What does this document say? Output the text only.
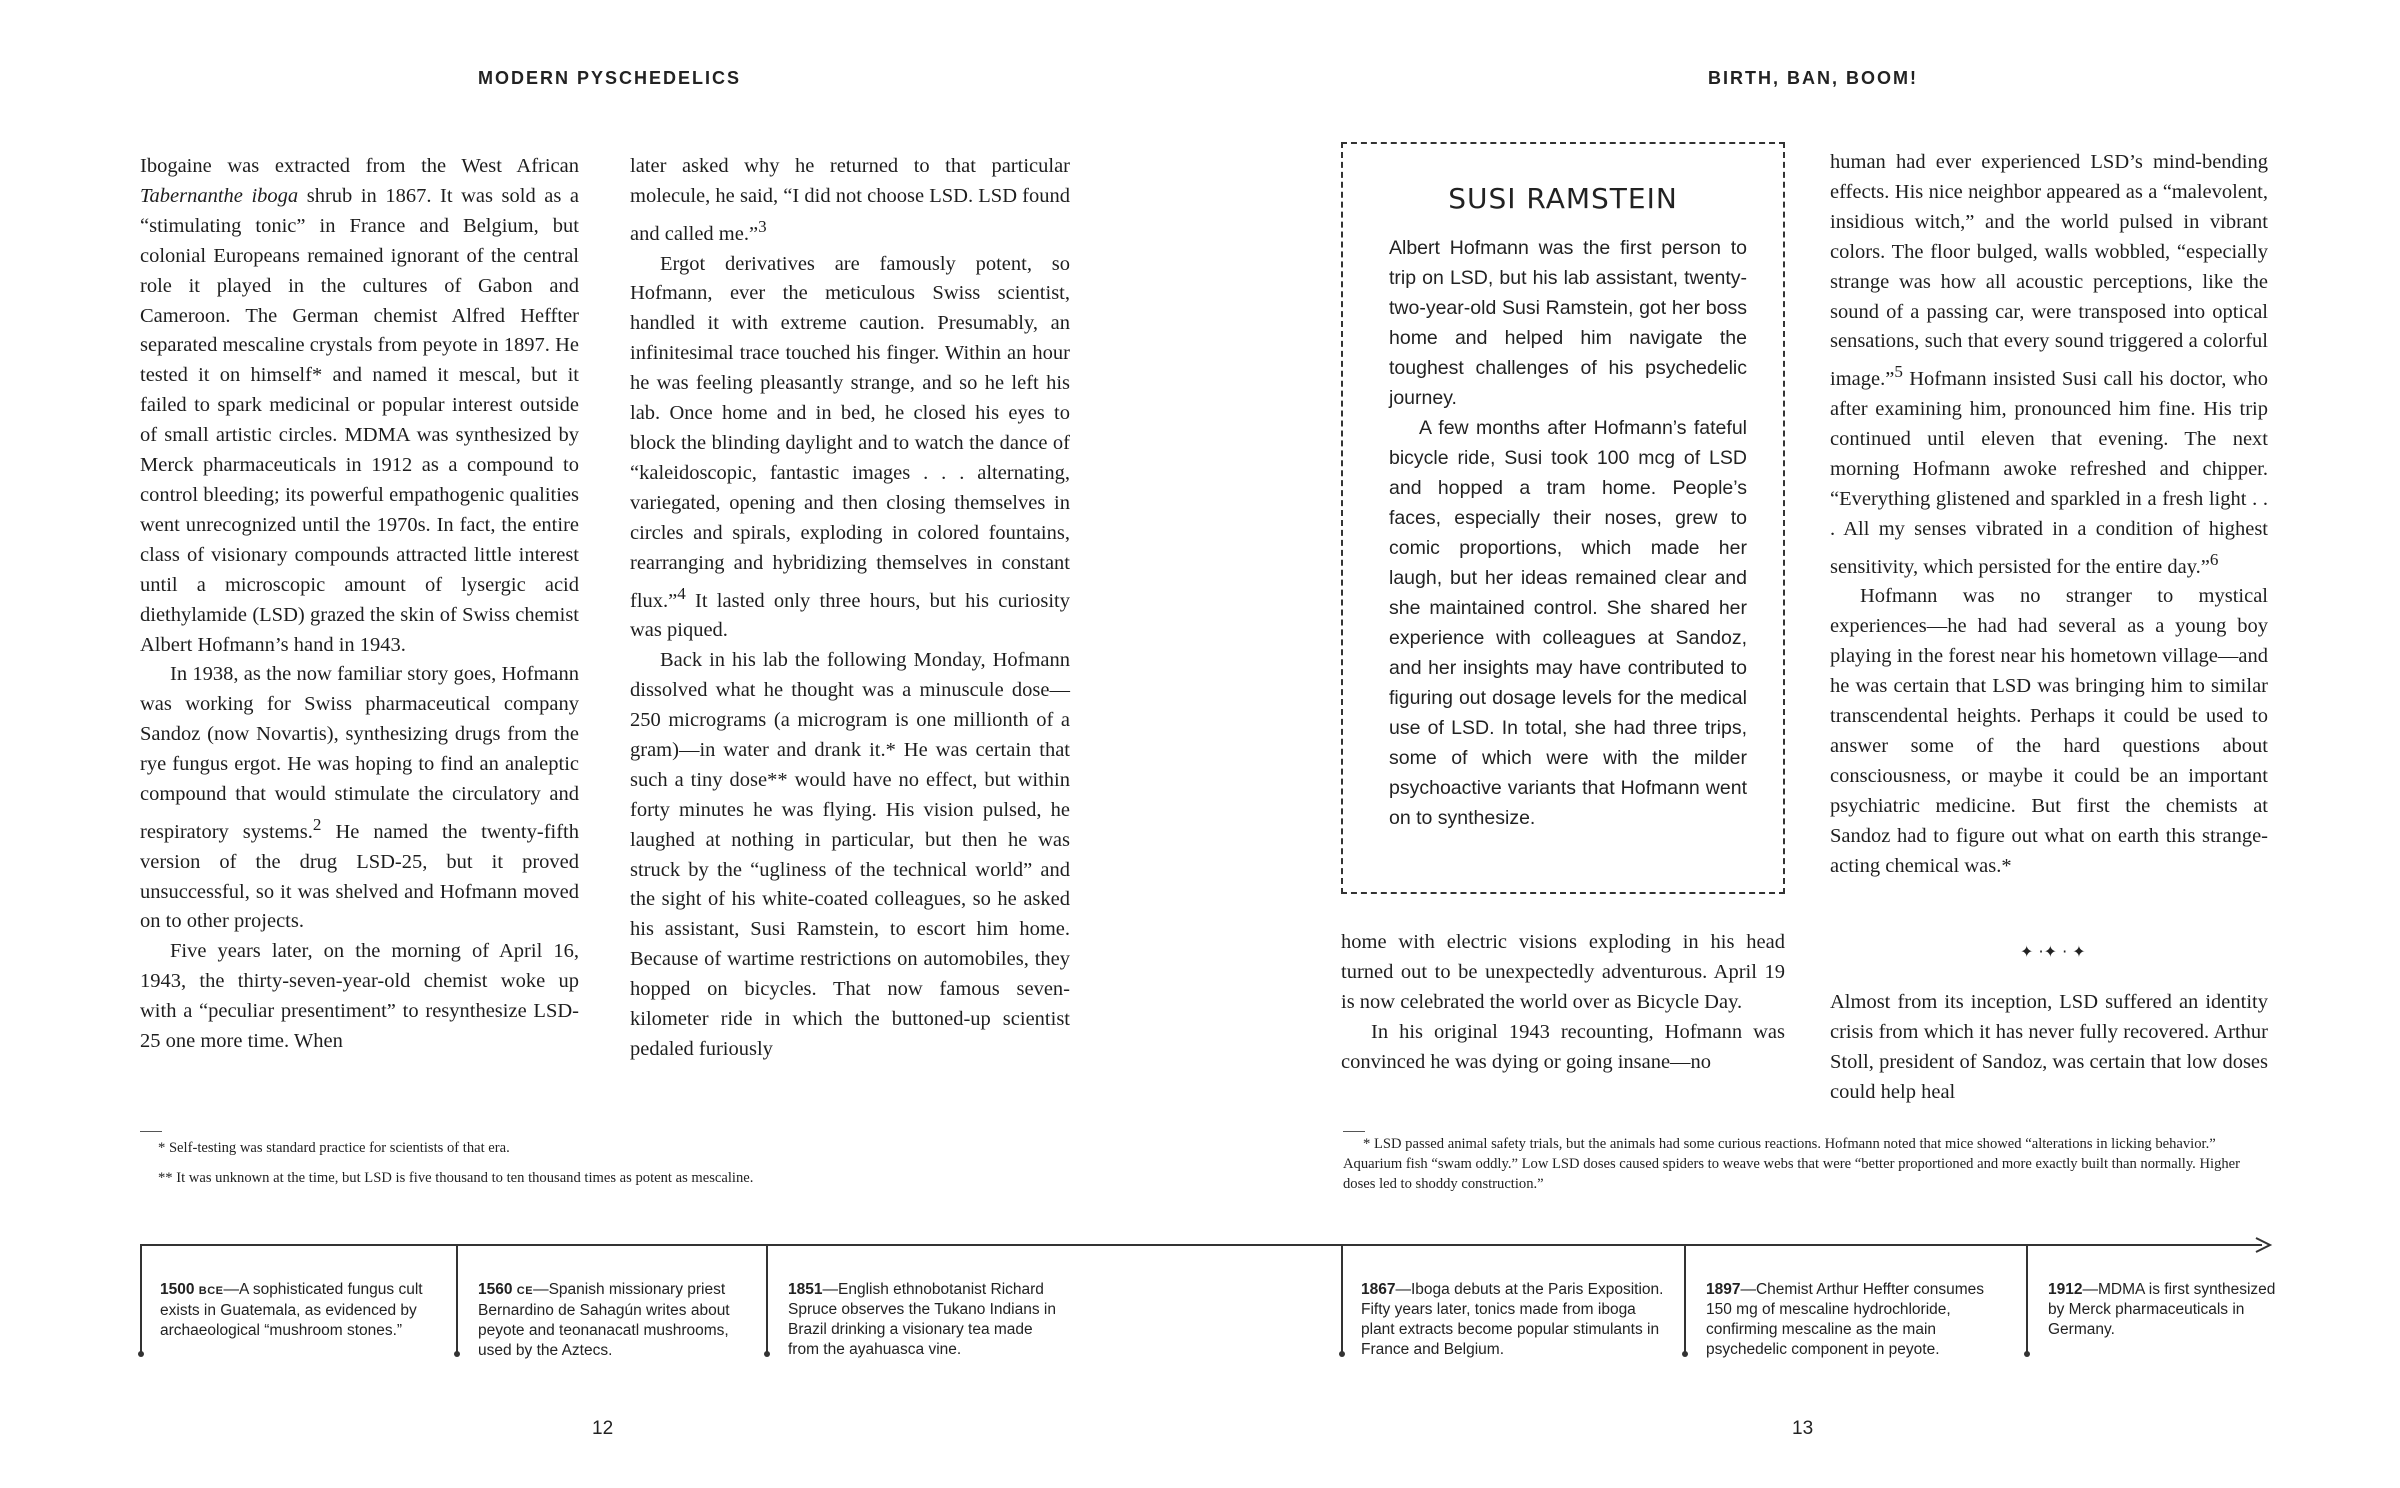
MODERN PYSCHEDELICS

Ibogaine was extracted from the West African Tabernanthe iboga shrub in 1867. It was sold as a “stimulating tonic” in France and Belgium, but colonial Europeans remained ignorant of the central role it played in the cultures of Gabon and Cameroon. The German chemist Alfred Heffter separated mescaline crystals from peyote in 1897. He tested it on himself* and named it mescal, but it failed to spark medicinal or popular interest outside of small artistic circles. MDMA was synthesized by Merck pharmaceuticals in 1912 as a compound to control bleeding; its powerful empathogenic qualities went unrecognized until the 1970s. In fact, the entire class of visionary compounds attracted little interest until a microscopic amount of lysergic acid diethylamide (LSD) grazed the skin of Swiss chemist Albert Hofmann’s hand in 1943.

In 1938, as the now familiar story goes, Hofmann was working for Swiss pharmaceutical company Sandoz (now Novartis), synthesizing drugs from the rye fungus ergot. He was hoping to find an analeptic compound that would stimulate the circulatory and respiratory systems.$^2$ He named the twenty-fifth version of the drug LSD-25, but it proved unsuccessful, so it was shelved and Hofmann moved on to other projects.

Five years later, on the morning of April 16, 1943, the thirty-seven-year-old chemist woke up with a “peculiar presentiment” to resynthesize LSD-25 one more time. When

later asked why he returned to that particular molecule, he said, “I did not choose LSD. LSD found and called me.”$^3$

Ergot derivatives are famously potent, so Hofmann, ever the meticulous Swiss scientist, handled it with extreme caution. Presumably, an infinitesimal trace touched his finger. Within an hour he was feeling pleasantly strange, and so he left his lab. Once home and in bed, he closed his eyes to block the blinding daylight and to watch the dance of “kaleidoscopic, fantastic images . . . alternating, variegated, opening and then closing themselves in circles and spirals, exploding in colored fountains, rearranging and hybridizing themselves in constant flux.”$^4$ It lasted only three hours, but his curiosity was piqued.

Back in his lab the following Monday, Hofmann dissolved what he thought was a minuscule dose—250 micrograms (a microgram is one millionth of a gram)—in water and drank it.* He was certain that such a tiny dose** would have no effect, but within forty minutes he was flying. His vision pulsed, he laughed at nothing in particular, but then he was struck by the “ugliness of the technical world” and the sight of his white-coated colleagues, so he asked his assistant, Susi Ramstein, to escort him home. Because of wartime restrictions on automobiles, they hopped on bicycles. That now famous seven-kilometer ride in which the buttoned-up scientist pedaled furiously

* Self-testing was standard practice for scientists of that era.

** It was unknown at the time, but LSD is five thousand to ten thousand times as potent as mescaline.

12
BIRTH, BAN, BOOM!
SUSI RAMSTEIN

Albert Hofmann was the first person to trip on LSD, but his lab assistant, twenty-two-year-old Susi Ramstein, got her boss home and helped him navigate the toughest challenges of his psychedelic journey.

A few months after Hofmann’s fateful bicycle ride, Susi took 100 mcg of LSD and hopped a tram home. People’s faces, especially their noses, grew to comic proportions, which made her laugh, but her ideas remained clear and she maintained control. She shared her experience with colleagues at Sandoz, and her insights may have contributed to figuring out dosage levels for the medical use of LSD. In total, she had three trips, some of which were with the milder psychoactive variants that Hofmann went on to synthesize.

home with electric visions exploding in his head turned out to be unexpectedly adventurous. April 19 is now celebrated the world over as Bicycle Day.

In his original 1943 recounting, Hofmann was convinced he was dying or going insane—no

human had ever experienced LSD’s mind-bending effects. His nice neighbor appeared as a “malevolent, insidious witch,” and the world pulsed in vibrant colors. The floor bulged, walls wobbled, “especially strange was how all acoustic perceptions, like the sound of a passing car, were transposed into optical sensations, such that every sound triggered a colorful image.”$^5$ Hofmann insisted Susi call his doctor, who after examining him, pronounced him fine. His trip continued until eleven that evening. The next morning Hofmann awoke refreshed and chipper. “Everything glistened and sparkled in a fresh light . . . All my senses vibrated in a condition of highest sensitivity, which persisted for the entire day.”$^6$

Hofmann was no stranger to mystical experiences—he had had several as a young boy playing in the forest near his hometown village—and he was certain that LSD was bringing him to similar transcendental heights. Perhaps it could be used to answer some of the hard questions about consciousness, or maybe it could be an important psychiatric medicine. But first the chemists at Sandoz had to figure out what on earth this strange-acting chemical was.*

✦ ·✦ · ✦

Almost from its inception, LSD suffered an identity crisis from which it has never fully recovered. Arthur Stoll, president of Sandoz, was certain that low doses could help heal

* LSD passed animal safety trials, but the animals had some curious reactions. Hofmann noted that mice showed “alterations in licking behavior.” Aquarium fish “swam oddly.” Low LSD doses caused spiders to weave webs that were “better proportioned and more exactly built than normally. Higher doses led to shoddy construction.”
13
1500 BCE—A sophisticated fungus cult exists in Guatemala, as evidenced by archaeological “mushroom stones.”
1560 CE—Spanish missionary priest Bernardino de Sahagún writes about peyote and teonanacatl mushrooms, used by the Aztecs.
1851—English ethnobotanist Richard Spruce observes the Tukano Indians in Brazil drinking a visionary tea made from the ayahuasca vine.
1867—Iboga debuts at the Paris Exposition. Fifty years later, tonics made from iboga plant extracts become popular stimulants in France and Belgium.
1897—Chemist Arthur Heffter consumes 150 mg of mescaline hydrochloride, confirming mescaline as the main psychedelic component in peyote.
1912—MDMA is first synthesized by Merck pharmaceuticals in Germany.
